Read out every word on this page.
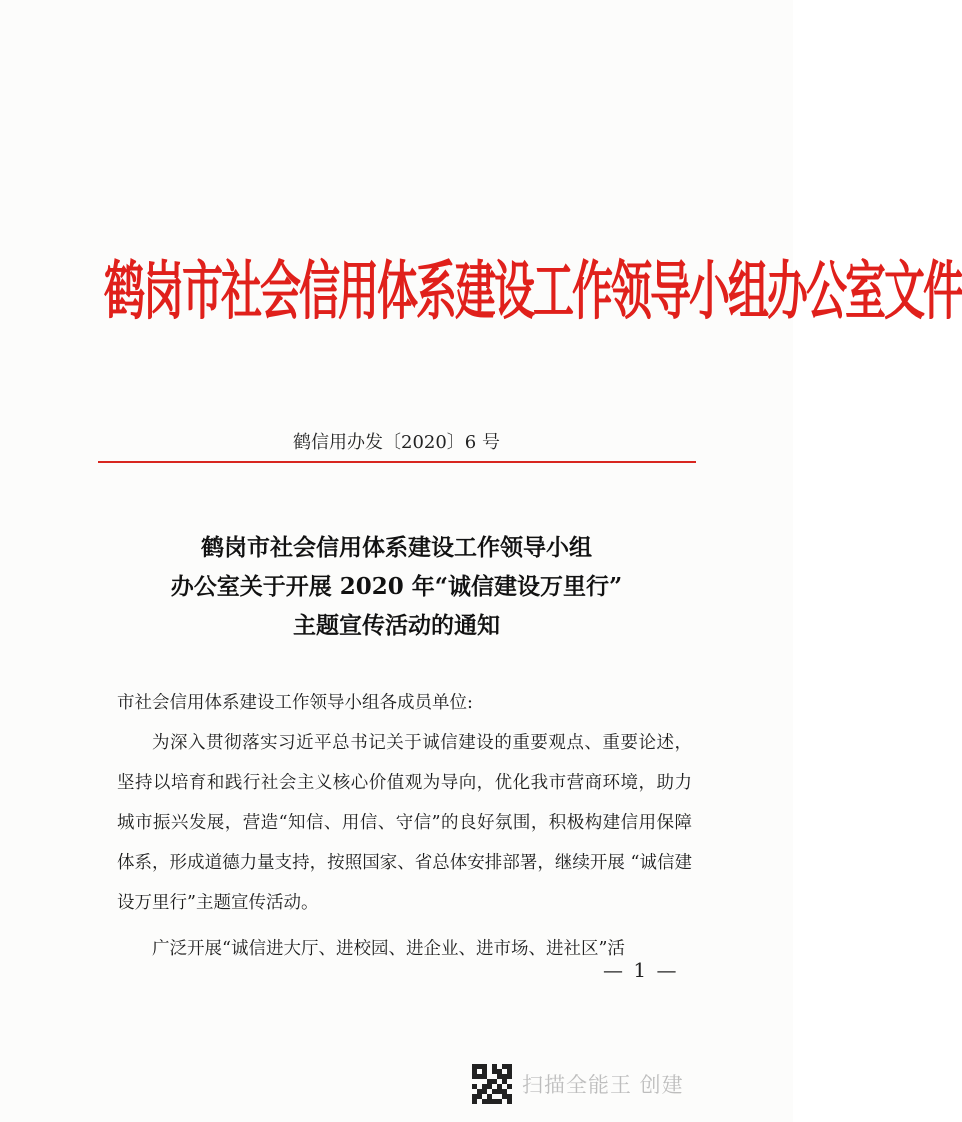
鹤岗市社会信用体系建设工作领导小组办公室文件
鹤信用办发〔2020〕6 号
鹤岗市社会信用体系建设工作领导小组
办公室关于开展 2020 年“诚信建设万里行”
主题宣传活动的通知
市社会信用体系建设工作领导小组各成员单位:
为深入贯彻落实习近平总书记关于诚信建设的重要观点、重要论述，坚持以培育和践行社会主义核心价值观为导向，优化我市营商环境，助力城市振兴发展，营造“知信、用信、守信”的良好氛围，积极构建信用保障体系，形成道德力量支持，按照国家、省总体安排部署，继续开展 “诚信建设万里行”主题宣传活动。
广泛开展“诚信进大厅、进校园、进企业、进市场、进社区”活
— 1 —
扫描全能王 创建
